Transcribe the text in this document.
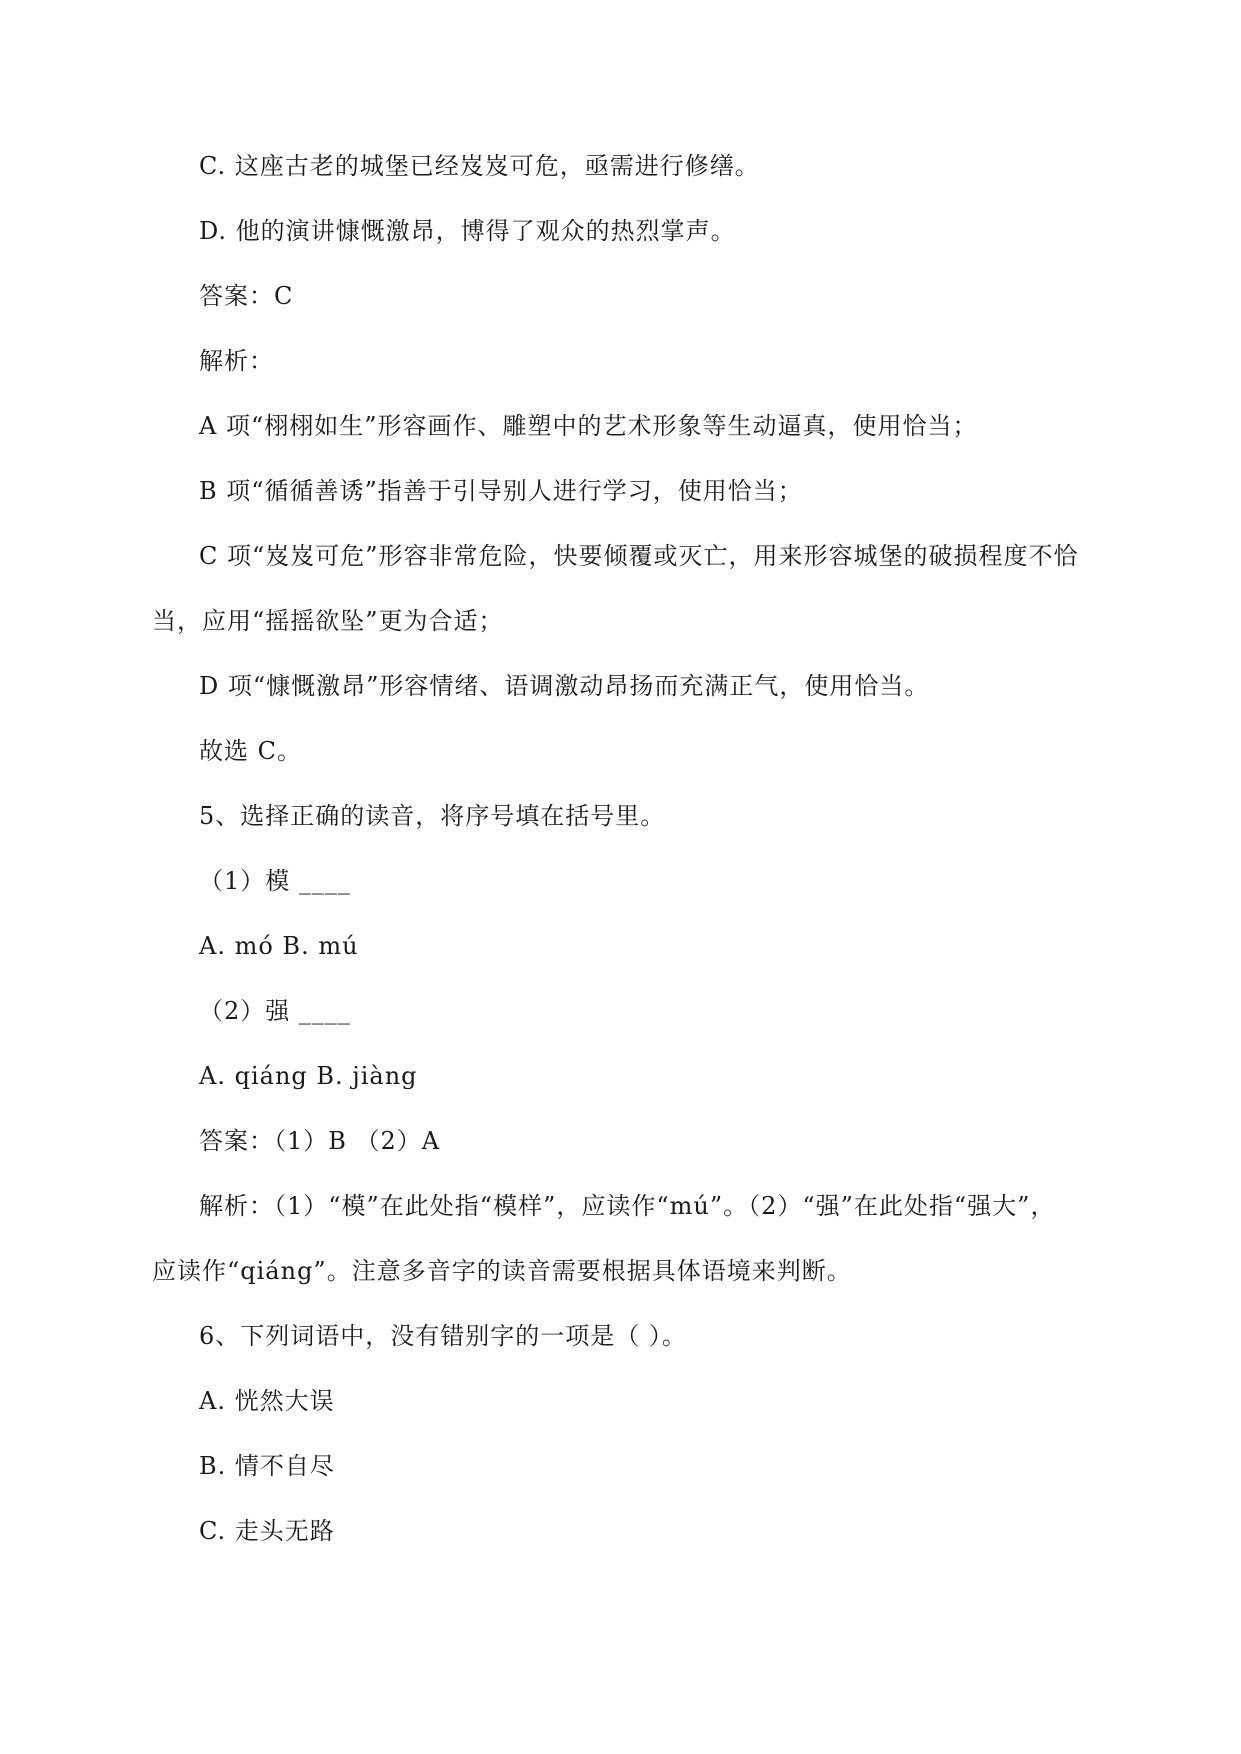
C. 这座古老的城堡已经岌岌可危，亟需进行修缮。
D. 他的演讲慷慨激昂，博得了观众的热烈掌声。
答案：C
解析：
A 项“栩栩如生”形容画作、雕塑中的艺术形象等生动逼真，使用恰当；
B 项“循循善诱”指善于引导别人进行学习，使用恰当；
C 项“岌岌可危”形容非常危险，快要倾覆或灭亡，用来形容城堡的破损程度不恰
当，应用“摇摇欲坠”更为合适；
D 项“慷慨激昂”形容情绪、语调激动昂扬而充满正气，使用恰当。
故选 C。
5、选择正确的读音，将序号填在括号里。
（1）模 ____
A. mó B. mú
（2）强 ____
A. qiáng B. jiàng
答案：（1）B （2）A
解析：（1）“模”在此处指“模样”，应读作“mú”。（2）“强”在此处指“强大”，
应读作“qiáng”。注意多音字的读音需要根据具体语境来判断。
6、下列词语中，没有错别字的一项是（ ）。
A. 恍然大误
B. 情不自尽
C. 走头无路
